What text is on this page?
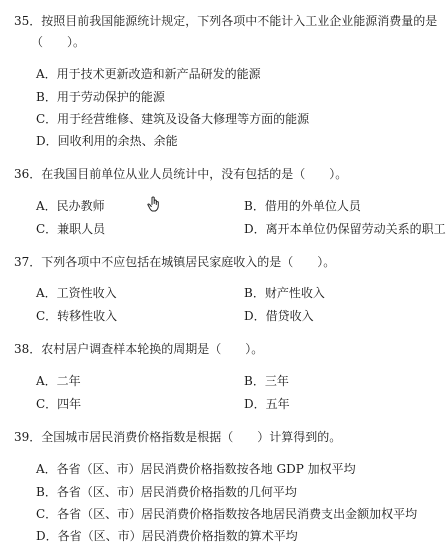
35．按照目前我国能源统计规定，下列各项中不能计入工业企业能源消费量的是
（　　）。
A．用于技术更新改造和新产品研发的能源
B．用于劳动保护的能源
C．用于经营维修、建筑及设备大修理等方面的能源
D．回收利用的余热、余能
36．在我国目前单位从业人员统计中，没有包括的是（　　）。
A．民办教师	B．借用的外单位人员
C．兼职人员	D．离开本单位仍保留劳动关系的职工
37．下列各项中不应包括在城镇居民家庭收入的是（　　）。
A．工资性收入	B．财产性收入
C．转移性收入	D．借贷收入
38．农村居户调查样本轮换的周期是（　　）。
A．二年	B．三年
C．四年	D．五年
39．全国城市居民消费价格指数是根据（　　）计算得到的。
A．各省（区、市）居民消费价格指数按各地 GDP 加权平均
B．各省（区、市）居民消费价格指数的几何平均
C．各省（区、市）居民消费价格指数按各地居民消费支出金额加权平均
D．各省（区、市）居民消费价格指数的算术平均
